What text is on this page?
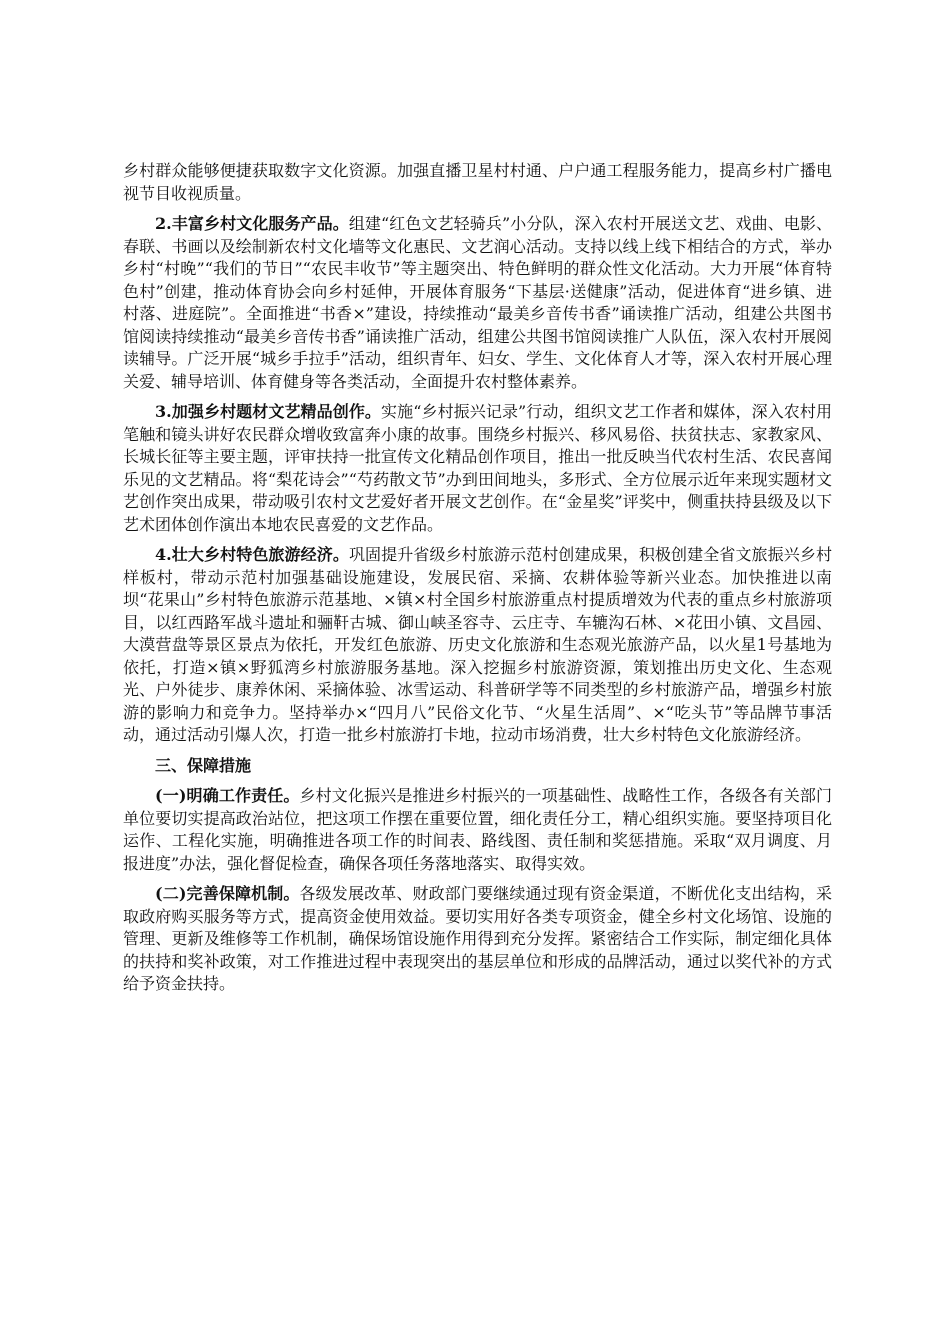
乡村群众能够便捷获取数字文化资源。加强直播卫星村村通、户户通工程服务能力，提高乡村广播电视节目收视质量。

2.丰富乡村文化服务产品。组建“红色文艺轻骑兵”小分队，深入农村开展送文艺、戏曲、电影、春联、书画以及绘制新农村文化墙等文化惠民、文艺润心活动。支持以线上线下相结合的方式，举办乡村“村晚”“我们的节日”“农民丰收节”等主题突出、特色鲜明的群众性文化活动。大力开展“体育特色村”创建，推动体育协会向乡村延伸，开展体育服务“下基层·送健康”活动，促进体育“进乡镇、进村落、进庭院”。全面推进“书香×”建设，持续推动“最美乡音传书香”诵读推广活动，组建公共图书馆阅读持续推动“最美乡音传书香”诵读推广活动，组建公共图书馆阅读推广人队伍，深入农村开展阅读辅导。广泛开展“城乡手拉手”活动，组织青年、妇女、学生、文化体育人才等，深入农村开展心理关爱、辅导培训、体育健身等各类活动，全面提升农村整体素养。

3.加强乡村题材文艺精品创作。实施“乡村振兴记录”行动，组织文艺工作者和媒体，深入农村用笔触和镜头讲好农民群众增收致富奔小康的故事。围绕乡村振兴、移风易俗、扶贫扶志、家教家风、长城长征等主要主题，评审扶持一批宣传文化精品创作项目，推出一批反映当代农村生活、农民喜闻乐见的文艺精品。将“梨花诗会”“芍药散文节”办到田间地头，多形式、全方位展示近年来现实题材文艺创作突出成果，带动吸引农村文艺爱好者开展文艺创作。在“金星奖”评奖中，侧重扶持县级及以下艺术团体创作演出本地农民喜爱的文艺作品。

4.壮大乡村特色旅游经济。巩固提升省级乡村旅游示范村创建成果，积极创建全省文旅振兴乡村样板村，带动示范村加强基础设施建设，发展民宿、采摘、农耕体验等新兴业态。加快推进以南坝“花果山”乡村特色旅游示范基地、×镇×村全国乡村旅游重点村提质增效为代表的重点乡村旅游项目，以红西路军战斗遗址和骊靬古城、御山峡圣容寺、云庄寺、车辘沟石林、×花田小镇、文昌园、大漠营盘等景区景点为依托，开发红色旅游、历史文化旅游和生态观光旅游产品，以火星1号基地为依托，打造×镇×野狐湾乡村旅游服务基地。深入挖掘乡村旅游资源，策划推出历史文化、生态观光、户外徒步、康养休闲、采摘体验、冰雪运动、科普研学等不同类型的乡村旅游产品，增强乡村旅游的影响力和竞争力。坚持举办×“四月八”民俗文化节、“火星生活周”、×“吃头节”等品牌节事活动，通过活动引爆人次，打造一批乡村旅游打卡地，拉动市场消费，壮大乡村特色文化旅游经济。

三、保障措施

(一)明确工作责任。乡村文化振兴是推进乡村振兴的一项基础性、战略性工作，各级各有关部门单位要切实提高政治站位，把这项工作摆在重要位置，细化责任分工，精心组织实施。要坚持项目化运作、工程化实施，明确推进各项工作的时间表、路线图、责任制和奖惩措施。采取“双月调度、月报进度”办法，强化督促检查，确保各项任务落地落实、取得实效。

(二)完善保障机制。各级发展改革、财政部门要继续通过现有资金渠道，不断优化支出结构，采取政府购买服务等方式，提高资金使用效益。要切实用好各类专项资金，健全乡村文化场馆、设施的管理、更新及维修等工作机制，确保场馆设施作用得到充分发挥。紧密结合工作实际，制定细化具体的扶持和奖补政策，对工作推进过程中表现突出的基层单位和形成的品牌活动，通过以奖代补的方式给予资金扶持。
